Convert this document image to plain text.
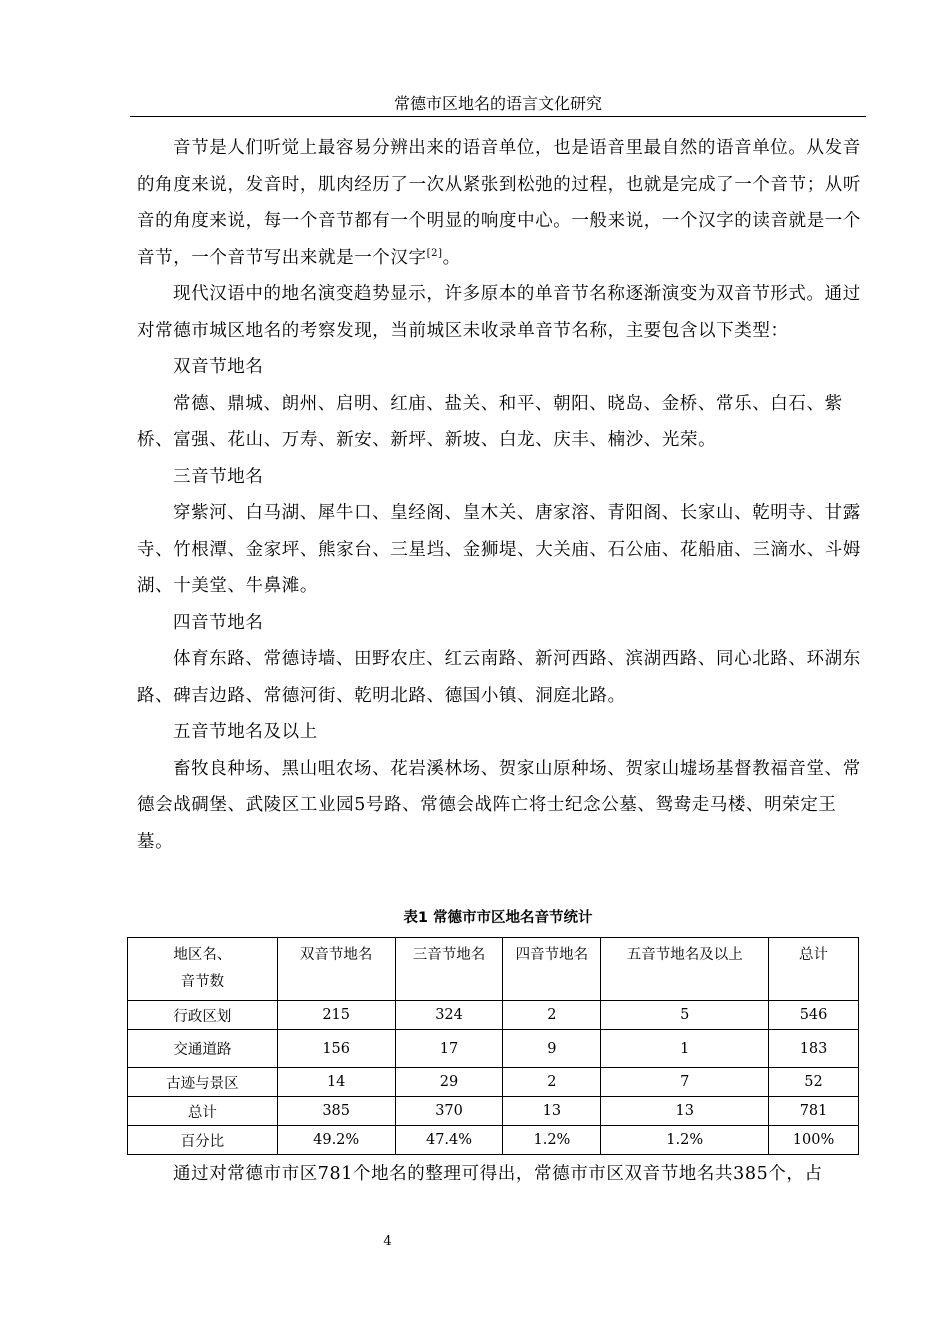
常德市区地名的语言文化研究

音节是人们听觉上最容易分辨出来的语音单位，也是语音里最自然的语音单位。从发音的角度来说，发音时，肌肉经历了一次从紧张到松弛的过程，也就是完成了一个音节；从听音的角度来说，每一个音节都有一个明显的响度中心。一般来说，一个汉字的读音就是一个音节，一个音节写出来就是一个汉字[2]。

现代汉语中的地名演变趋势显示，许多原本的单音节名称逐渐演变为双音节形式。通过对常德市城区地名的考察发现，当前城区未收录单音节名称，主要包含以下类型：

双音节地名

常德、鼎城、朗州、启明、红庙、盐关、和平、朝阳、晓岛、金桥、常乐、白石、紫桥、富强、花山、万寿、新安、新坪、新坡、白龙、庆丰、楠沙、光荣。

三音节地名

穿紫河、白马湖、犀牛口、皇经阁、皇木关、唐家溶、青阳阁、长家山、乾明寺、甘露寺、竹根潭、金家坪、熊家台、三星垱、金狮堤、大关庙、石公庙、花船庙、三滴水、斗姆湖、十美堂、牛鼻滩。

四音节地名

体育东路、常德诗墙、田野农庄、红云南路、新河西路、滨湖西路、同心北路、环湖东路、碑吉边路、常德河街、乾明北路、德国小镇、洞庭北路。

五音节地名及以上

畜牧良种场、黑山咀农场、花岩溪林场、贺家山原种场、贺家山墟场基督教福音堂、常德会战碉堡、武陵区工业园5号路、常德会战阵亡将士纪念公墓、鸳鸯走马楼、明荣定王墓。

表1 常德市市区地名音节统计
地区名、
音节数	双音节地名	三音节地名	四音节地名	五音节地名及以上	总计
行政区划	215	324	2	5	546
交通道路	156	17	9	1	183
古迹与景区	14	29	2	7	52
总计	385	370	13	13	781
百分比	49.2%	47.4%	1.2%	1.2%	100%

通过对常德市市区781个地名的整理可得出，常德市市区双音节地名共385个，占

4
